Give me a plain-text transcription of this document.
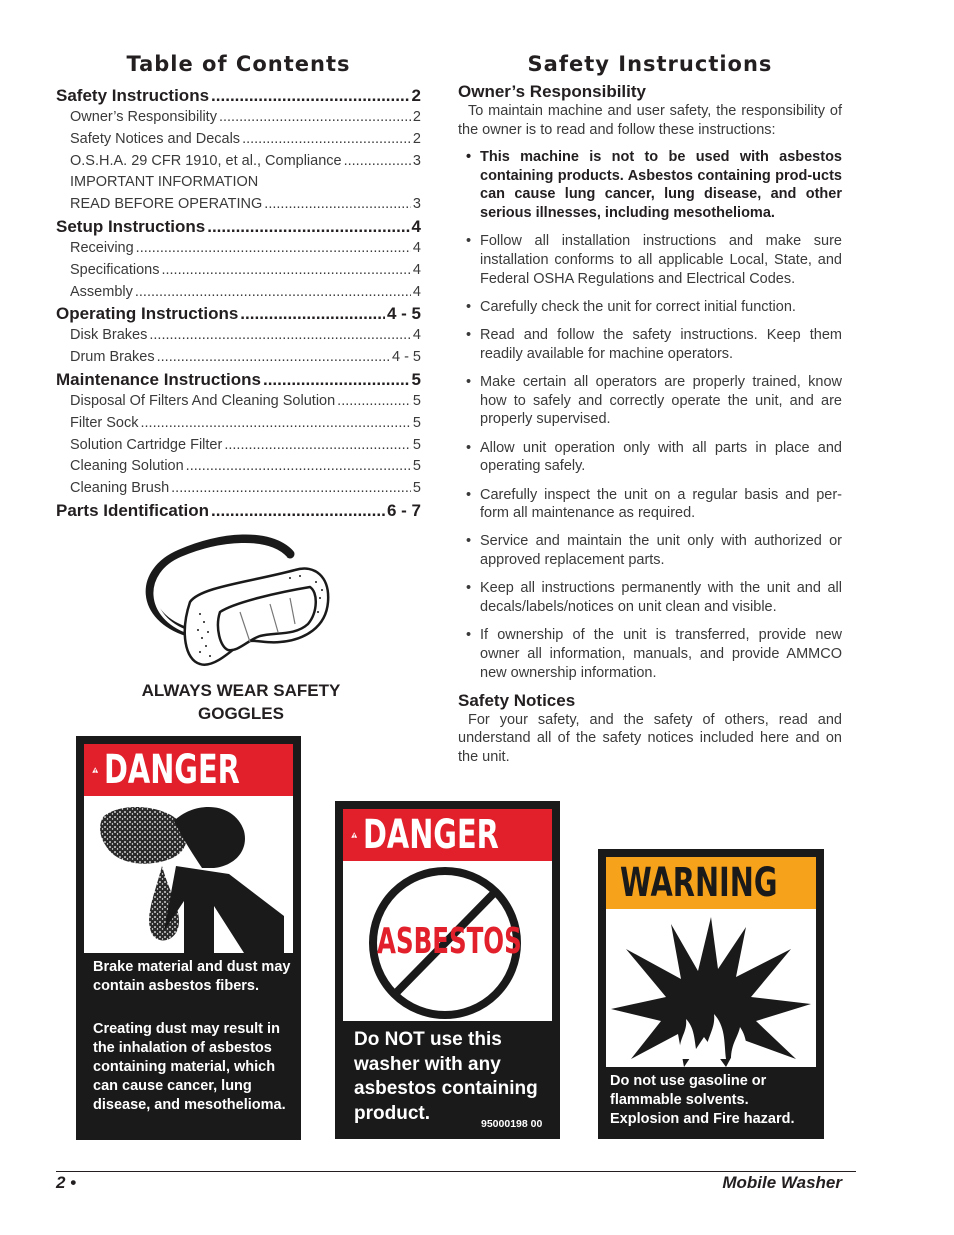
Table of Contents
Safety Instructions .....	2
Owner’s Responsibility .....	2
Safety Notices and Decals .....	2
O.S.H.A. 29 CFR 1910, et al., Compliance .....	3
IMPORTANT INFORMATION
READ BEFORE OPERATING .....	3
Setup Instructions .....	4
Receiving .....	4
Specifications .....	4
Assembly .....	4
Operating Instructions .....	4 - 5
Disk Brakes .....	4
Drum Brakes .....	4 - 5
Maintenance Instructions .....	5
Disposal Of Filters And Cleaning Solution .....	5
Filter Sock .....	5
Solution Cartridge Filter .....	5
Cleaning Solution .....	5
Cleaning Brush .....	5
Parts Identification .....	6 - 7
ALWAYS WEAR SAFETY
GOGGLES
Safety Instructions
Owner’s Responsibility

To maintain machine and user safety, the responsibility of the owner is to read and follow these instructions:

• This machine is not to be used with asbestos containing products. Asbestos containing prod-ucts can cause lung cancer, lung disease, and other serious illnesses, including mesothelioma.
• Follow all installation instructions and make sure installation conforms to all applicable Local, State, and Federal OSHA Regulations and Electrical Codes.
• Carefully check the unit for correct initial function.
• Read and follow the safety instructions. Keep them readily available for machine operators.
• Make certain all operators are properly trained, know how to safely and correctly operate the unit, and are properly supervised.
• Allow unit operation only with all parts in place and operating safely.
• Carefully inspect the unit on a regular basis and per-form all maintenance as required.
• Service and maintain the unit only with authorized or approved replacement parts.
• Keep all instructions permanently with the unit and all decals/labels/notices on unit clean and visible.
• If ownership of the unit is transferred, provide new owner all information, manuals, and provide AMMCO new ownership information.
Safety Notices

For your safety, and the safety of others, read and understand all of the safety notices included here and on the unit.

DANGER
Brake material and dust may contain asbestos fibers.
Creating dust may result in the inhalation of asbestos containing material, which can cause cancer, lung disease, and mesothelioma.
DANGER
ASBESTOS
Do NOT use this washer with any asbestos containing product.
95000198 00
WARNING
Do not use gasoline or flammable solvents. Explosion and Fire hazard.
2 •	Mobile Washer
